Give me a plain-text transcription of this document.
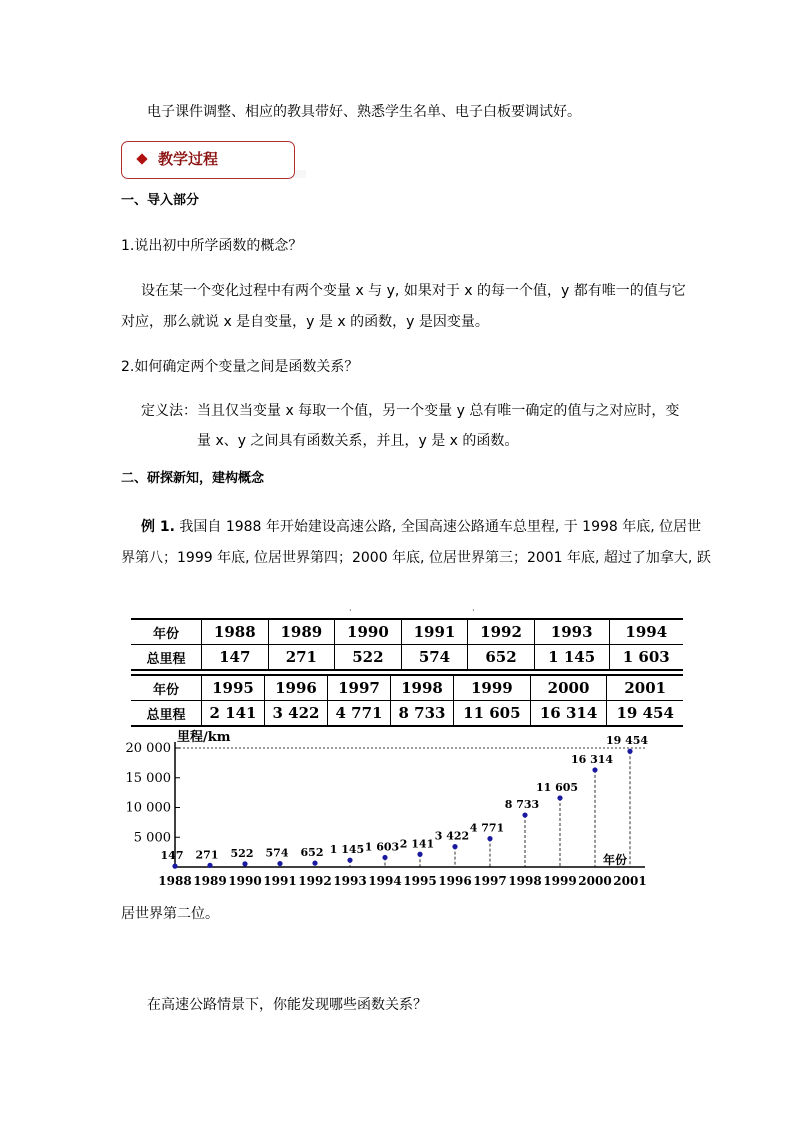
电子课件调整、相应的教具带好、熟悉学生名单、电子白板要调试好。
教学过程
一、导入部分
1.说出初中所学函数的概念？
设在某一个变化过程中有两个变量 x 与 y, 如果对于 x 的每一个值，y 都有唯一的值与它
对应，那么就说 x 是自变量，y 是 x 的函数，y 是因变量。
2.如何确定两个变量之间是函数关系？
定义法：当且仅当变量 x 每取一个值，另一个变量 y 总有唯一确定的值与之对应时，变
量 x、y 之间具有函数关系，并且，y 是 x 的函数。
二、研探新知，建构概念
例 1. 我国自 1988 年开始建设高速公路, 全国高速公路通车总里程, 于 1998 年底, 位居世
界第八；1999 年底, 位居世界第四；2000 年底, 位居世界第三；2001 年底, 超过了加拿大, 跃
·	·
年份	1988	1989	1990	1991	1992	1993	1994
总里程	147	271	522	574	652	1 145	1 603
年份	1995	1996	1997	1998	1999	2000	2001
总里程	2 141	3 422	4 771	8 733	11 605	16 314	19 454
20 000
15 000
10 000
5 000
里程/km
年份
147
1988
271
1989
522
1990
574
1991
652
1992
1 145
1993
1 603
1994
2 141
1995
3 422
1996
4 771
1997
8 733
1998
11 605
1999
16 314
2000
19 454
2001
居世界第二位。
在高速公路情景下，你能发现哪些函数关系？
